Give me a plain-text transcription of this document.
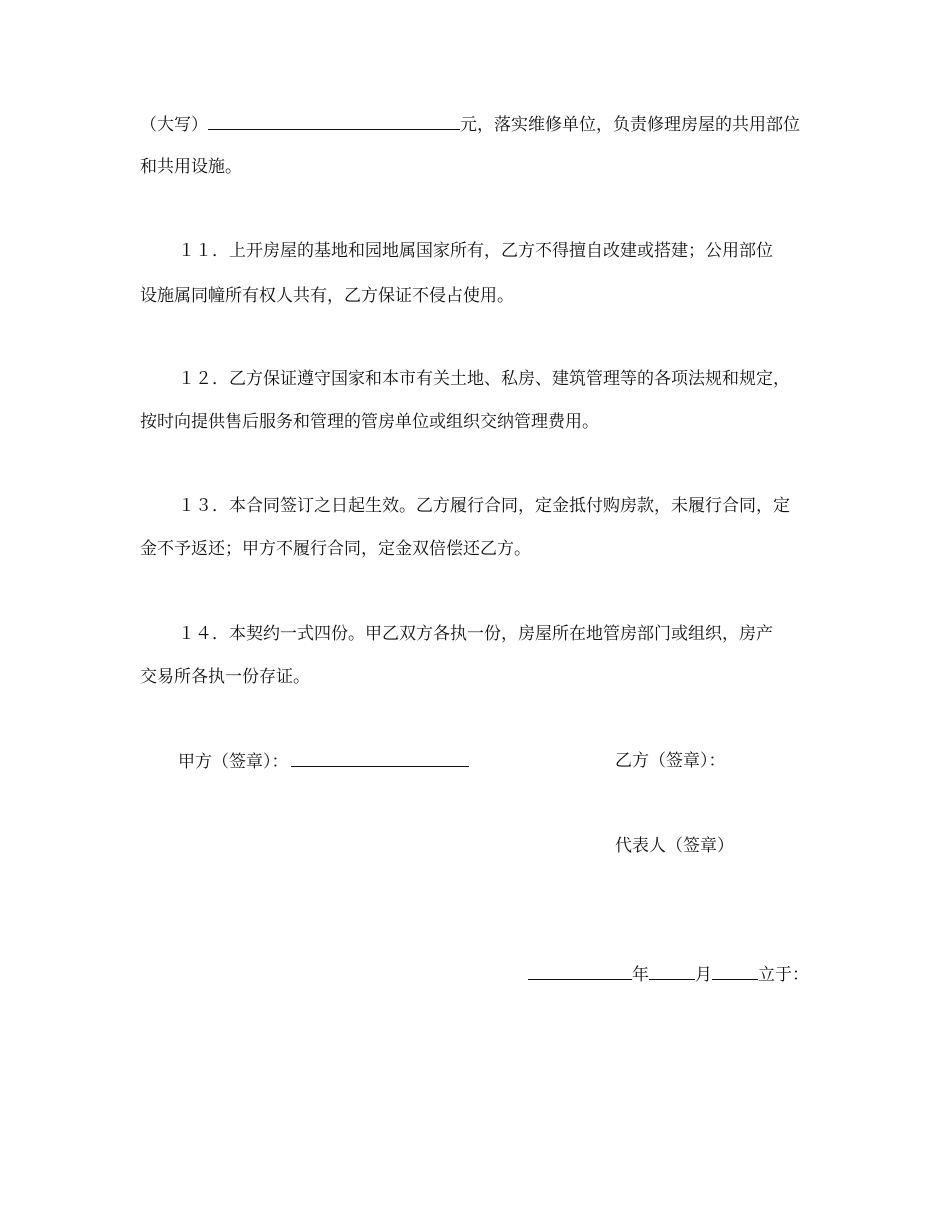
（大写）	元，落实维修单位，负责修理房屋的共用部位
和共用设施。
１１．上开房屋的基地和园地属国家所有，乙方不得擅自改建或搭建；公用部位
设施属同幢所有权人共有，乙方保证不侵占使用。
１２．乙方保证遵守国家和本市有关土地、私房、建筑管理等的各项法规和规定，
按时向提供售后服务和管理的管房单位或组织交纳管理费用。
１３．本合同签订之日起生效。乙方履行合同，定金抵付购房款，未履行合同，定
金不予返还；甲方不履行合同，定金双倍偿还乙方。
１４．本契约一式四份。甲乙双方各执一份，房屋所在地管房部门或组织，房产
交易所各执一份存证。
甲方（签章）：	乙方（签章）：
代表人（签章）
年	月	立于：
